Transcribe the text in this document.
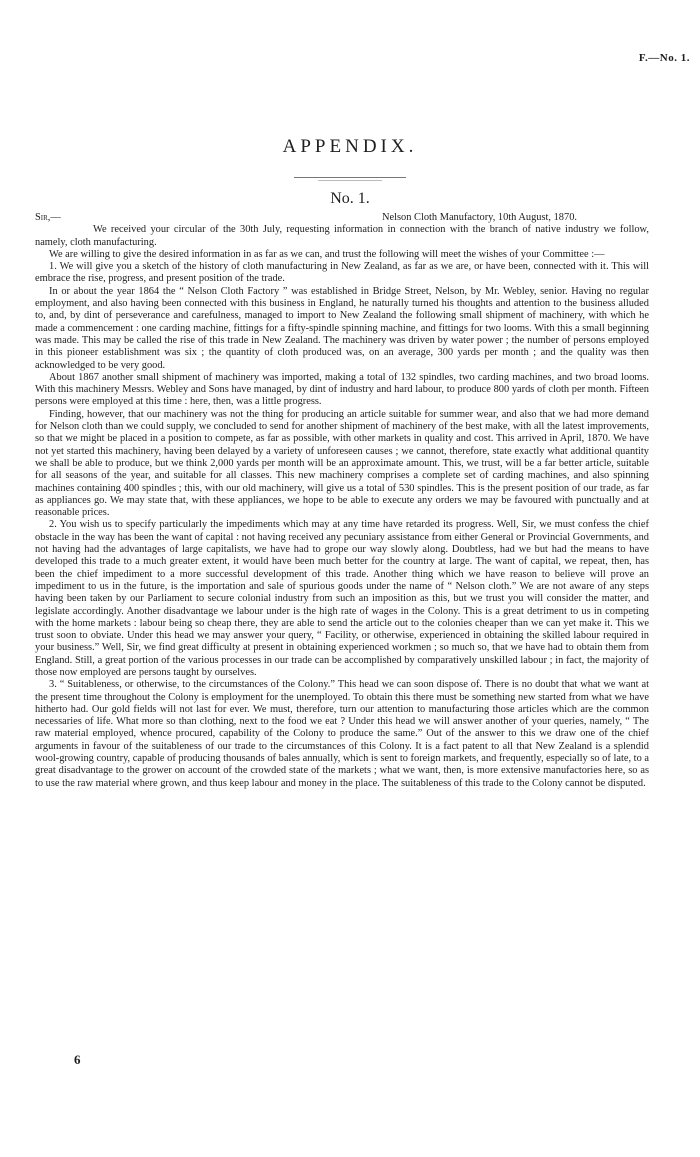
F.—No. 1.
APPENDIX.
No. 1.
Sir,—	Nelson Cloth Manufactory, 10th August, 1870.

We received your circular of the 30th July, requesting information in connection with the branch of native industry we follow, namely, cloth manufacturing.

We are willing to give the desired information in as far as we can, and trust the following will meet the wishes of your Committee :—

1. We will give you a sketch of the history of cloth manufacturing in New Zealand, as far as we are, or have been, connected with it. This will embrace the rise, progress, and present position of the trade.

In or about the year 1864 the “ Nelson Cloth Factory ” was established in Bridge Street, Nelson, by Mr. Webley, senior. Having no regular employment, and also having been connected with this business in England, he naturally turned his thoughts and attention to the business alluded to, and, by dint of perseverance and carefulness, managed to import to New Zealand the following small shipment of machinery, with which he made a commencement : one carding machine, fittings for a fifty-spindle spinning machine, and fittings for two looms. With this a small beginning was made. This may be called the rise of this trade in New Zealand. The machinery was driven by water power ; the number of persons employed in this pioneer establishment was six ; the quantity of cloth produced was, on an average, 300 yards per month ; and the quality was then acknowledged to be very good.

About 1867 another small shipment of machinery was imported, making a total of 132 spindles, two carding machines, and two broad looms. With this machinery Messrs. Webley and Sons have managed, by dint of industry and hard labour, to produce 800 yards of cloth per month. Fifteen persons were employed at this time : here, then, was a little progress.

Finding, however, that our machinery was not the thing for producing an article suitable for summer wear, and also that we had more demand for Nelson cloth than we could supply, we concluded to send for another shipment of machinery of the best make, with all the latest improvements, so that we might be placed in a position to compete, as far as possible, with other markets in quality and cost. This arrived in April, 1870. We have not yet started this machinery, having been delayed by a variety of unforeseen causes ; we cannot, therefore, state exactly what additional quantity we shall be able to produce, but we think 2,000 yards per month will be an approximate amount. This, we trust, will be a far better article, suitable for all seasons of the year, and suitable for all classes. This new machinery comprises a complete set of carding machines, and also spinning machines containing 400 spindles ; this, with our old machinery, will give us a total of 530 spindles. This is the present position of our trade, as far as appliances go. We may state that, with these appliances, we hope to be able to execute any orders we may be favoured with punctually and at reasonable prices.

2. You wish us to specify particularly the impediments which may at any time have retarded its progress. Well, Sir, we must confess the chief obstacle in the way has been the want of capital : not having received any pecuniary assistance from either General or Provincial Governments, and not having had the advantages of large capitalists, we have had to grope our way slowly along. Doubtless, had we but had the means to have developed this trade to a much greater extent, it would have been much better for the country at large. The want of capital, we repeat, then, has been the chief impediment to a more successful development of this trade. Another thing which we have reason to believe will prove an impediment to us in the future, is the importation and sale of spurious goods under the name of “ Nelson cloth.” We are not aware of any steps having been taken by our Parliament to secure colonial industry from such an imposition as this, but we trust you will consider the matter, and legislate accordingly. Another disadvantage we labour under is the high rate of wages in the Colony. This is a great detriment to us in competing with the home markets : labour being so cheap there, they are able to send the article out to the colonies cheaper than we can yet make it. This we trust soon to obviate. Under this head we may answer your query, “ Facility, or otherwise, experienced in obtaining the skilled labour required in your business.” Well, Sir, we find great difficulty at present in obtaining experienced workmen ; so much so, that we have had to obtain them from England. Still, a great portion of the various processes in our trade can be accomplished by comparatively unskilled labour ; in fact, the majority of those now employed are persons taught by ourselves.

3. “ Suitableness, or otherwise, to the circumstances of the Colony.” This head we can soon dispose of. There is no doubt that what we want at the present time throughout the Colony is employment for the unemployed. To obtain this there must be something new started from what we have hitherto had. Our gold fields will not last for ever. We must, therefore, turn our attention to manufacturing those articles which are the common necessaries of life. What more so than clothing, next to the food we eat ? Under this head we will answer another of your queries, namely, “ The raw material employed, whence procured, capability of the Colony to produce the same.” Out of the answer to this we draw one of the chief arguments in favour of the suitableness of our trade to the circumstances of this Colony. It is a fact patent to all that New Zealand is a splendid wool-growing country, capable of producing thousands of bales annually, which is sent to foreign markets, and frequently, especially so of late, to a great disadvantage to the grower on account of the crowded state of the markets ; what we want, then, is more extensive manufactories here, so as to use the raw material where grown, and thus keep labour and money in the place. The suitableness of this trade to the Colony cannot be disputed.

6
